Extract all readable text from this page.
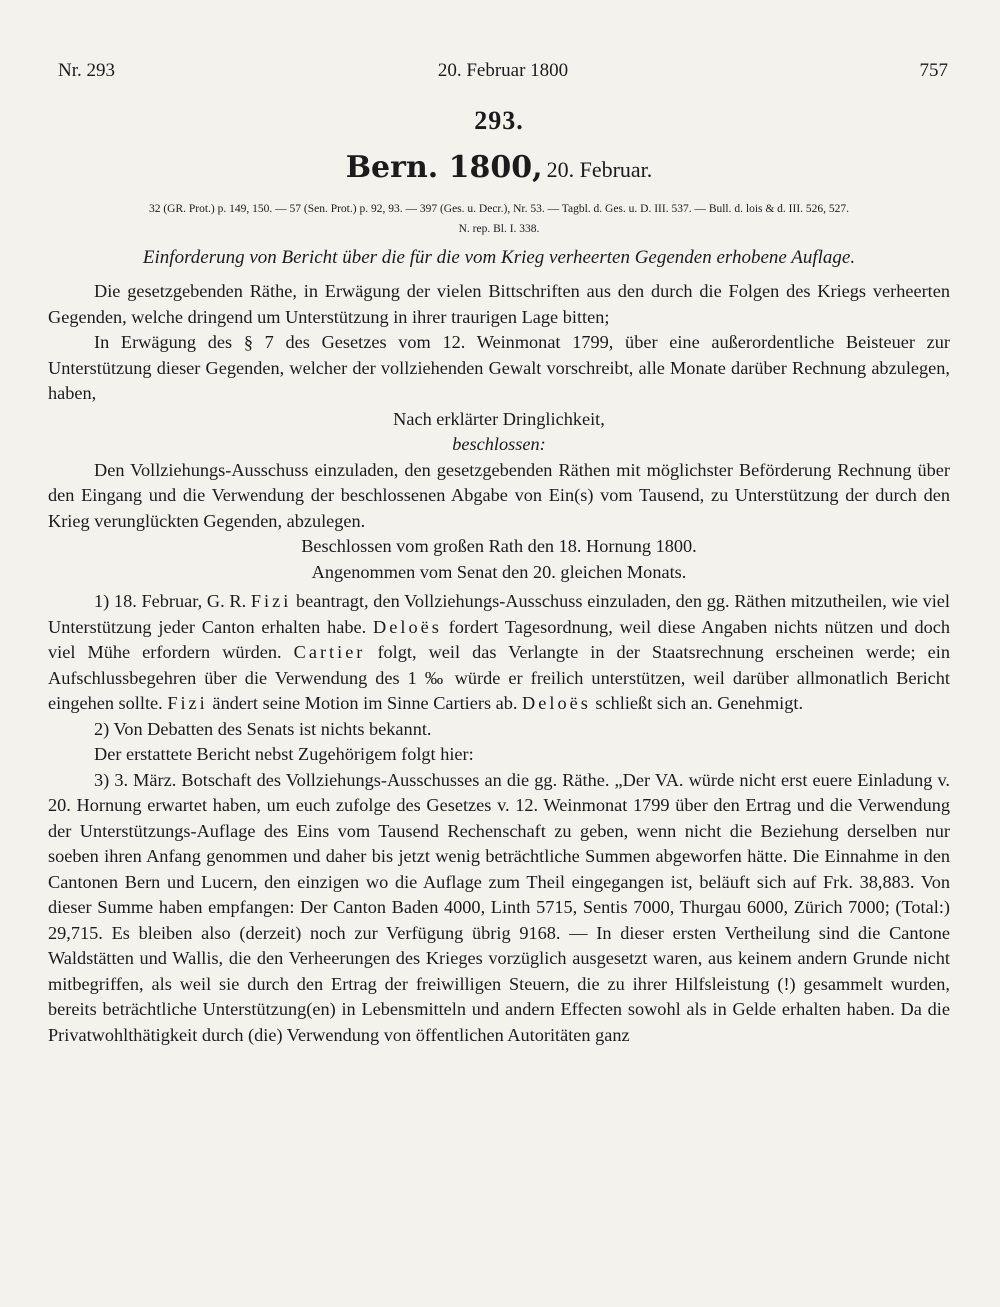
Nr. 293	20. Februar 1800	757
293.
Bern. 1800, 20. Februar.

32 (GR. Prot.) p. 149, 150. — 57 (Sen. Prot.) p. 92, 93. — 397 (Ges. u. Decr.), Nr. 53. — Tagbl. d. Ges. u. D. III. 537. — Bull. d. lois & d. III. 526, 527.

N. rep. Bl. I. 338.

Einforderung von Bericht über die für die vom Krieg verheerten Gegenden erhobene Auflage.

Die gesetzgebenden Räthe, in Erwägung der vielen Bittschriften aus den durch die Folgen des Kriegs verheerten Gegenden, welche dringend um Unterstützung in ihrer traurigen Lage bitten;

In Erwägung des § 7 des Gesetzes vom 12. Weinmonat 1799, über eine außerordentliche Beisteuer zur Unterstützung dieser Gegenden, welcher der vollziehenden Gewalt vorschreibt, alle Monate darüber Rechnung abzulegen, haben,

Nach erklärter Dringlichkeit,

beschlossen:

Den Vollziehungs-Ausschuss einzuladen, den gesetzgebenden Räthen mit möglichster Beförderung Rechnung über den Eingang und die Verwendung der beschlossenen Abgabe von Ein(s) vom Tausend, zu Unterstützung der durch den Krieg verunglückten Gegenden, abzulegen.

Beschlossen vom großen Rath den 18. Hornung 1800.

Angenommen vom Senat den 20. gleichen Monats.

1) 18. Februar, G. R. Fizi beantragt, den Vollziehungs-Ausschuss einzuladen, den gg. Räthen mitzutheilen, wie viel Unterstützung jeder Canton erhalten habe. Deloës fordert Tagesordnung, weil diese Angaben nichts nützen und doch viel Mühe erfordern würden. Cartier folgt, weil das Verlangte in der Staatsrechnung erscheinen werde; ein Aufschlussbegehren über die Verwendung des 1 ‰ würde er freilich unterstützen, weil darüber allmonatlich Bericht eingehen sollte. Fizi ändert seine Motion im Sinne Cartiers ab. Deloës schließt sich an. Genehmigt.

2) Von Debatten des Senats ist nichts bekannt.

Der erstattete Bericht nebst Zugehörigem folgt hier:

3) 3. März. Botschaft des Vollziehungs-Ausschusses an die gg. Räthe. „Der VA. würde nicht erst euere Einladung v. 20. Hornung erwartet haben, um euch zufolge des Gesetzes v. 12. Weinmonat 1799 über den Ertrag und die Verwendung der Unterstützungs-Auflage des Eins vom Tausend Rechenschaft zu geben, wenn nicht die Beziehung derselben nur soeben ihren Anfang genommen und daher bis jetzt wenig beträchtliche Summen abgeworfen hätte. Die Einnahme in den Cantonen Bern und Lucern, den einzigen wo die Auflage zum Theil eingegangen ist, beläuft sich auf Frk. 38,883. Von dieser Summe haben empfangen: Der Canton Baden 4000, Linth 5715, Sentis 7000, Thurgau 6000, Zürich 7000; (Total:) 29,715. Es bleiben also (derzeit) noch zur Verfügung übrig 9168. — In dieser ersten Vertheilung sind die Cantone Waldstätten und Wallis, die den Verheerungen des Krieges vorzüglich ausgesetzt waren, aus keinem andern Grunde nicht mitbegriffen, als weil sie durch den Ertrag der freiwilligen Steuern, die zu ihrer Hilfsleistung (!) gesammelt wurden, bereits beträchtliche Unterstützung(en) in Lebensmitteln und andern Effecten sowohl als in Gelde erhalten haben. Da die Privatwohlthätigkeit durch (die) Verwendung von öffentlichen Autoritäten ganz
